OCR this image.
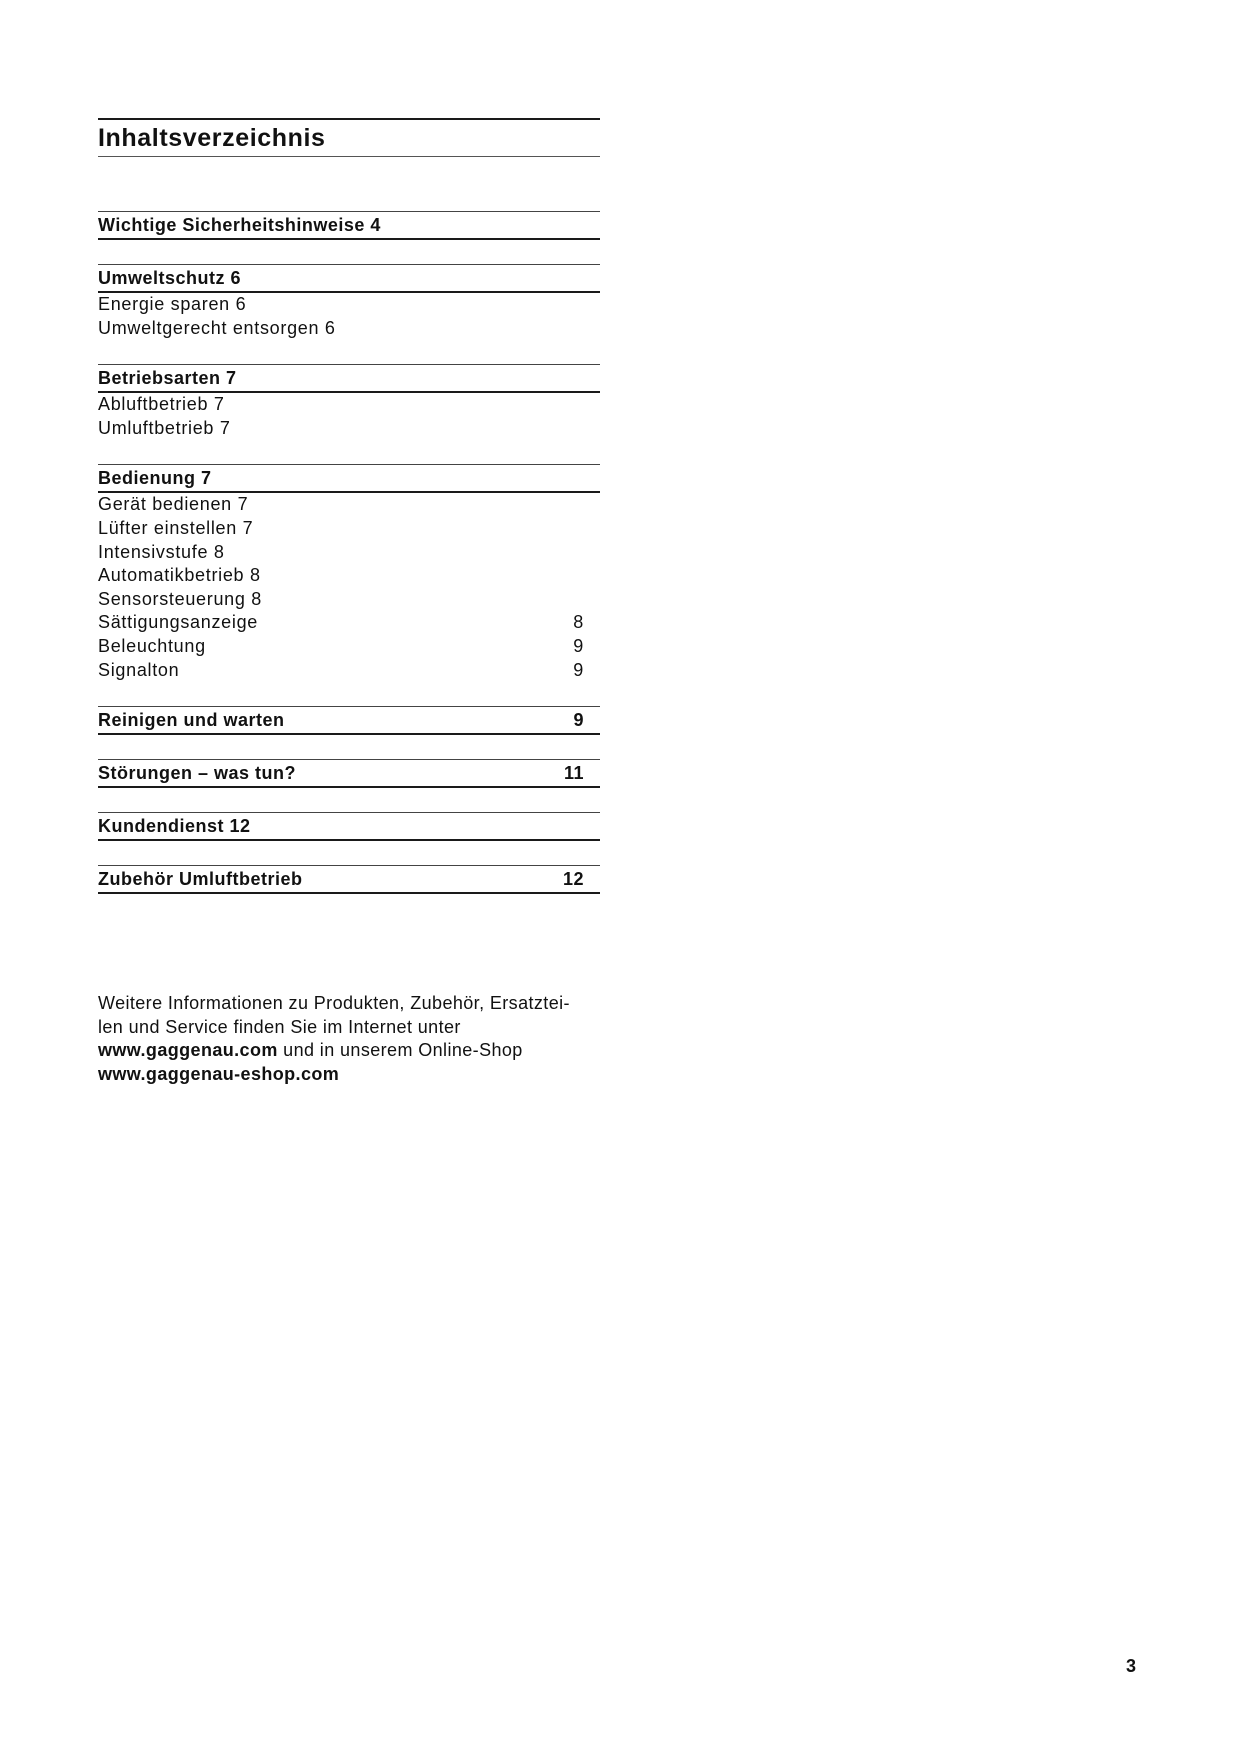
Inhaltsverzeichnis
Wichtige Sicherheitshinweise 4
Umweltschutz 6
Energie sparen 6
Umweltgerecht entsorgen 6
Betriebsarten 7
Abluftbetrieb 7
Umluftbetrieb 7
Bedienung 7
Gerät bedienen 7
Lüfter einstellen 7
Intensivstufe 8
Automatikbetrieb 8
Sensorsteuerung 8
Sättigungsanzeige	8
Beleuchtung	9
Signalton	9
Reinigen und warten	9
Störungen – was tun?	11
Kundendienst 12
Zubehör Umluftbetrieb	12
Weitere Informationen zu Produkten, Zubehör, Ersatztei-
len und Service finden Sie im Internet unter
www.gaggenau.com und in unserem Online-Shop
www.gaggenau-eshop.com
3
